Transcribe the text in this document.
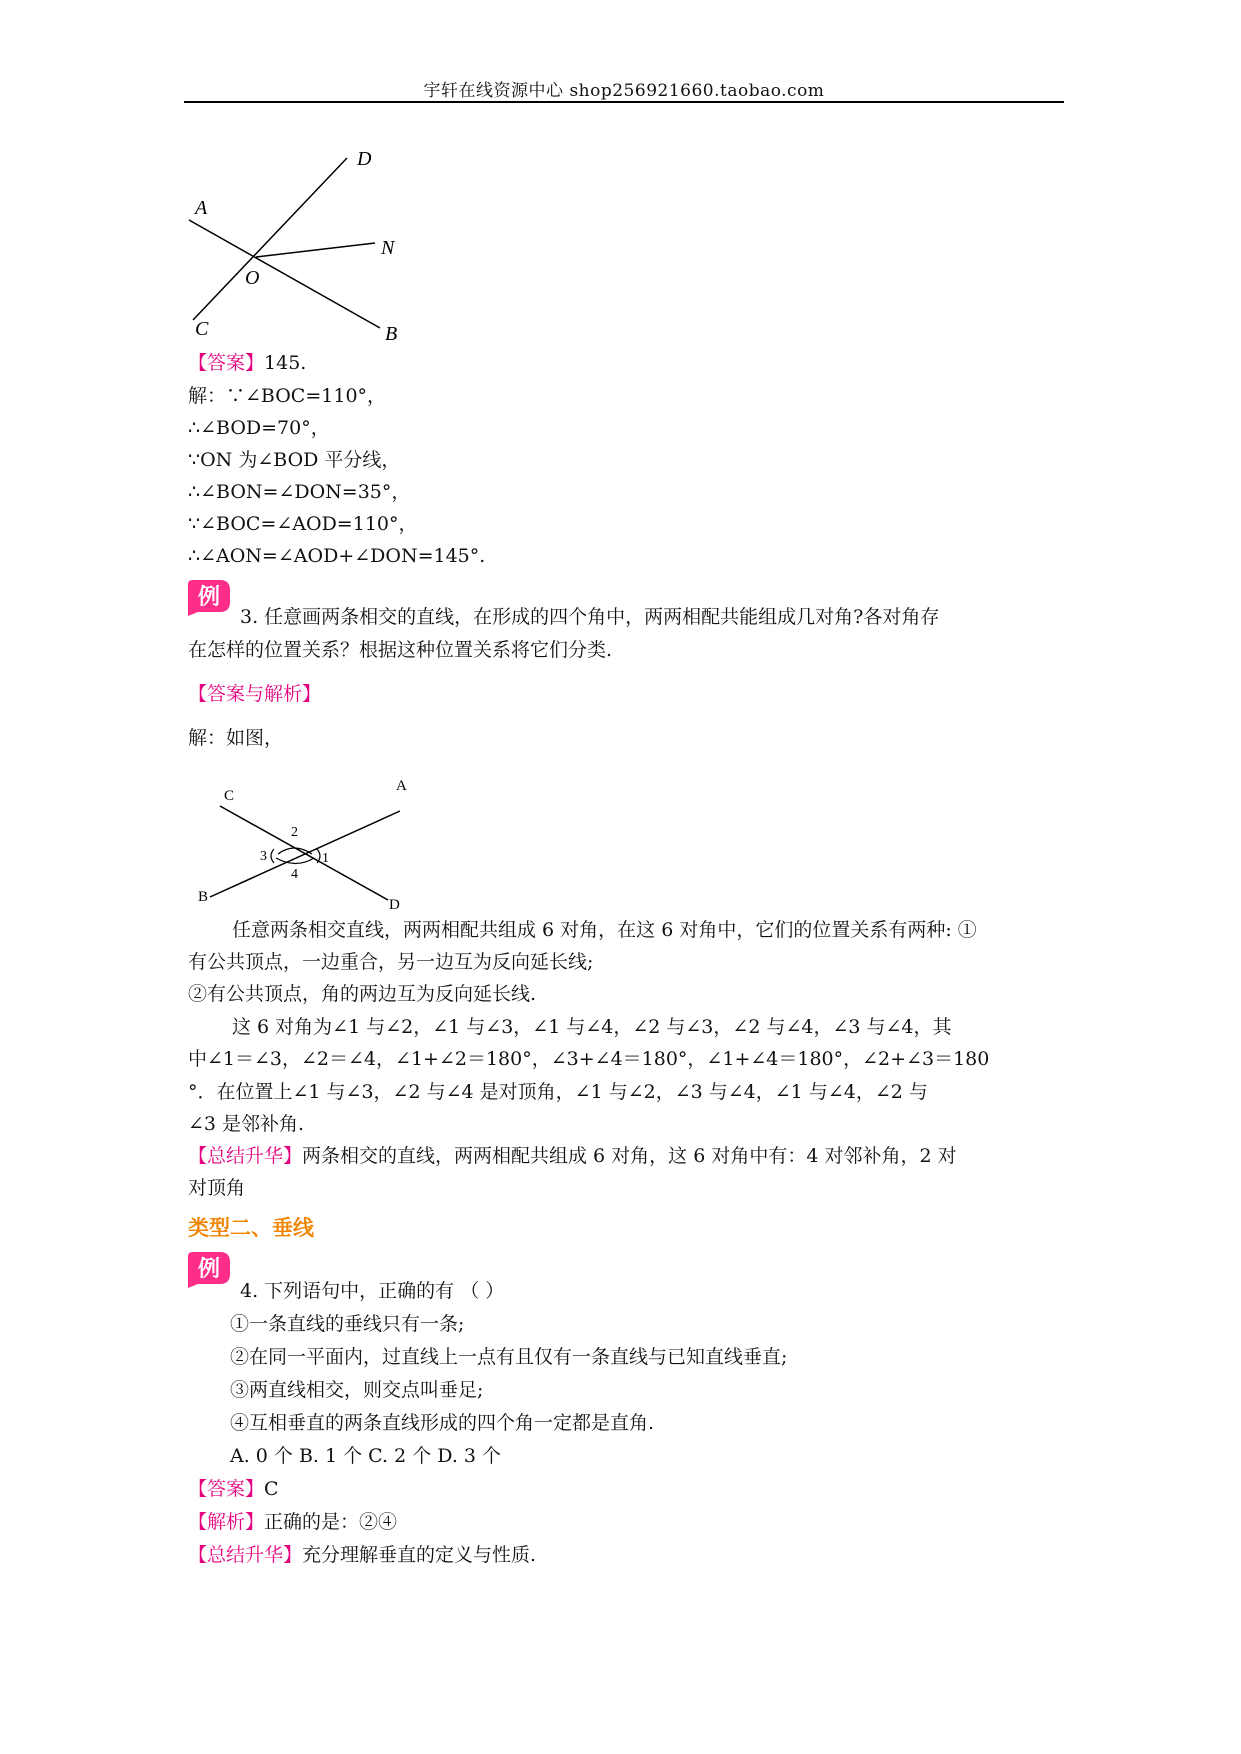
宇轩在线资源中心 shop256921660.taobao.com
D
A
N
O
C	B
【答案】145.
解：∵∠BOC=110°，
∴∠BOD=70°，
∵ON 为∠BOD 平分线，
∴∠BON=∠DON=35°，
∵∠BOC=∠AOD=110°，
∴∠AON=∠AOD+∠DON=145°.
例
3. 任意画两条相交的直线，在形成的四个角中，两两相配共能组成几对角?各对角存
在怎样的位置关系？根据这种位置关系将它们分类.
【答案与解析】
解：如图，
A
C
B	D
2
3	1
4
任意两条相交直线，两两相配共组成 6 对角，在这 6 对角中，它们的位置关系有两种: ①
有公共顶点，一边重合，另一边互为反向延长线;
②有公共顶点，角的两边互为反向延长线.
这 6 对角为∠1 与∠2，∠1 与∠3，∠1 与∠4，∠2 与∠3，∠2 与∠4，∠3 与∠4，其
中∠1＝∠3，∠2＝∠4，∠1+∠2＝180°，∠3+∠4＝180°，∠1+∠4＝180°，∠2+∠3＝180
°．在位置上∠1 与∠3，∠2 与∠4 是对顶角，∠1 与∠2，∠3 与∠4，∠1 与∠4，∠2 与
∠3 是邻补角.
【总结升华】两条相交的直线，两两相配共组成 6 对角，这 6 对角中有：4 对邻补角，2 对
对顶角
类型二、垂线
例
4. 下列语句中，正确的有 （ ）
①一条直线的垂线只有一条;
②在同一平面内，过直线上一点有且仅有一条直线与已知直线垂直;
③两直线相交，则交点叫垂足;
④互相垂直的两条直线形成的四个角一定都是直角.
A. 0 个 B. 1 个 C. 2 个 D. 3 个
【答案】C
【解析】正确的是：②④
【总结升华】充分理解垂直的定义与性质.
